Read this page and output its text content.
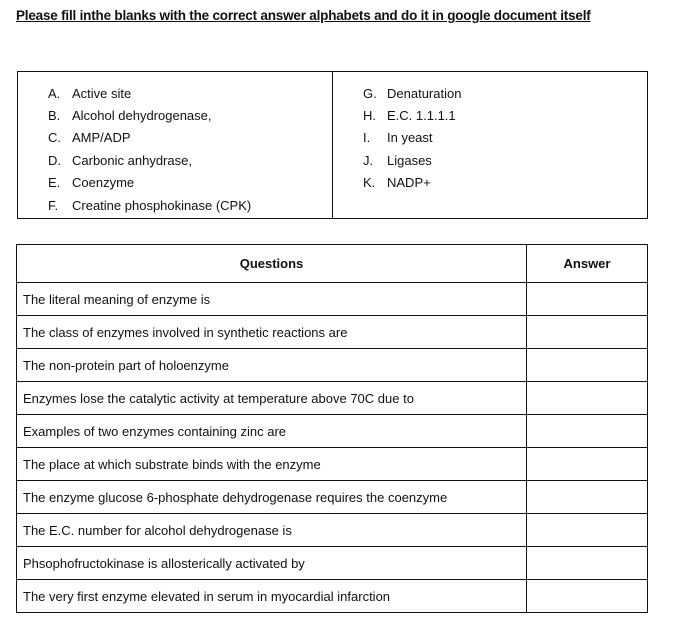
Please fill inthe blanks with the correct answer alphabets and do it in google document itself
A. Active site
B. Alcohol dehydrogenase,
C. AMP/ADP
D. Carbonic anhydrase,
E. Coenzyme
F.	Creatine phosphokinase (CPK)
G. Denaturation
H. E.C. 1.1.1.1
I.	In yeast
J.	Ligases
K. NADP+
Questions	Answer
The literal meaning of enzyme is	
The class of enzymes involved in synthetic reactions are	
The non-protein part of holoenzyme	
Enzymes lose the catalytic activity at temperature above 70C due to	
Examples of two enzymes containing zinc are	
The place at which substrate binds with the enzyme	
The enzyme glucose 6-phosphate dehydrogenase requires the coenzyme	
The E.C. number for alcohol dehydrogenase is	
Phsophofructokinase is allosterically activated by	
The very first enzyme elevated in serum in myocardial infarction	
